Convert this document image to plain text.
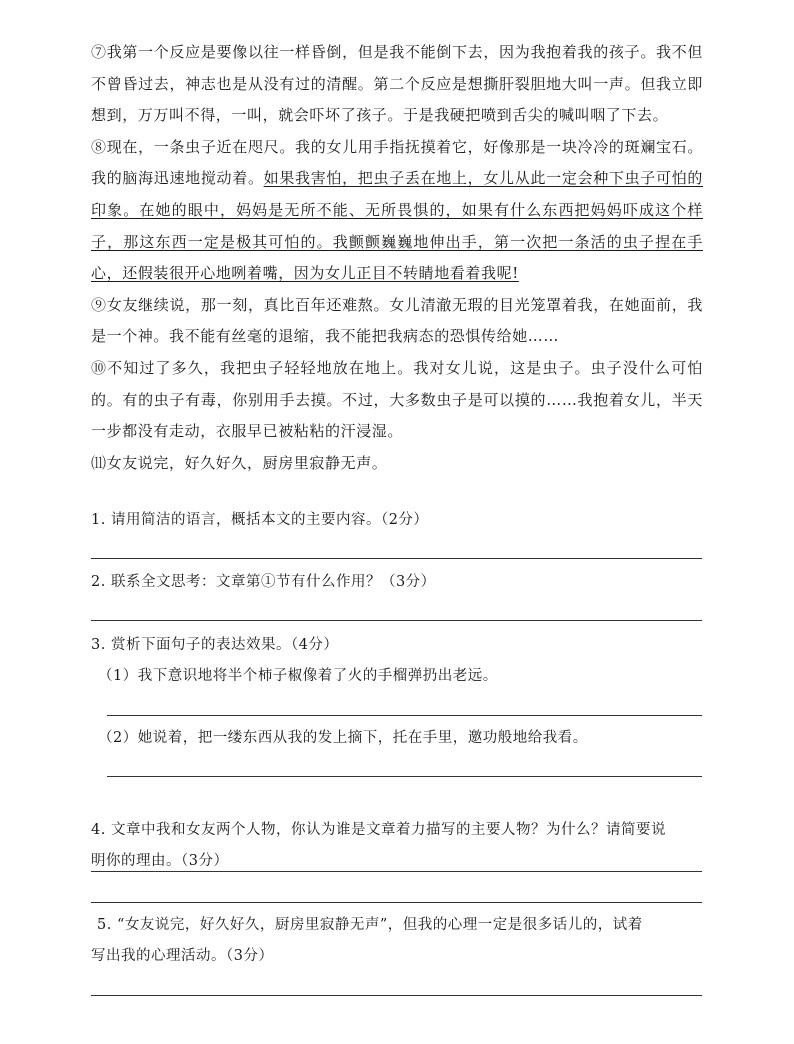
⑦我第一个反应是要像以往一样昏倒，但是我不能倒下去，因为我抱着我的孩子。我不但不曾昏过去，神志也是从没有过的清醒。第二个反应是想撕肝裂胆地大叫一声。但我立即想到，万万叫不得，一叫，就会吓坏了孩子。于是我硬把喷到舌尖的喊叫咽了下去。

⑧现在，一条虫子近在咫尺。我的女儿用手指抚摸着它，好像那是一块冷冷的斑斓宝石。我的脑海迅速地搅动着。如果我害怕，把虫子丢在地上，女儿从此一定会种下虫子可怕的印象。在她的眼中，妈妈是无所不能、无所畏惧的，如果有什么东西把妈妈吓成这个样子，那这东西一定是极其可怕的。我颤颤巍巍地伸出手，第一次把一条活的虫子捏在手心，还假装很开心地咧着嘴，因为女儿正目不转睛地看着我呢!

⑨女友继续说，那一刻，真比百年还难熬。女儿清澈无瑕的目光笼罩着我，在她面前，我是一个神。我不能有丝毫的退缩，我不能把我病态的恐惧传给她……

⑩不知过了多久，我把虫子轻轻地放在地上。我对女儿说，这是虫子。虫子没什么可怕的。有的虫子有毒，你别用手去摸。不过，大多数虫子是可以摸的……我抱着女儿，半天一步都没有走动，衣服早已被粘粘的汗浸湿。

⑾女友说完，好久好久，厨房里寂静无声。

1. 请用简洁的语言，概括本文的主要内容。（2分）

2. 联系全文思考：文章第①节有什么作用？（3分）

3. 赏析下面句子的表达效果。（4分）

（1）我下意识地将半个柿子椒像着了火的手榴弹扔出老远。

（2）她说着，把一缕东西从我的发上摘下，托在手里，邀功般地给我看。

4. 文章中我和女友两个人物，你认为谁是文章着力描写的主要人物？为什么？请简要说

明你的理由。（3分）

5. “女友说完，好久好久，厨房里寂静无声”，但我的心理一定是很多话儿的，试着

写出我的心理活动。（3分）
